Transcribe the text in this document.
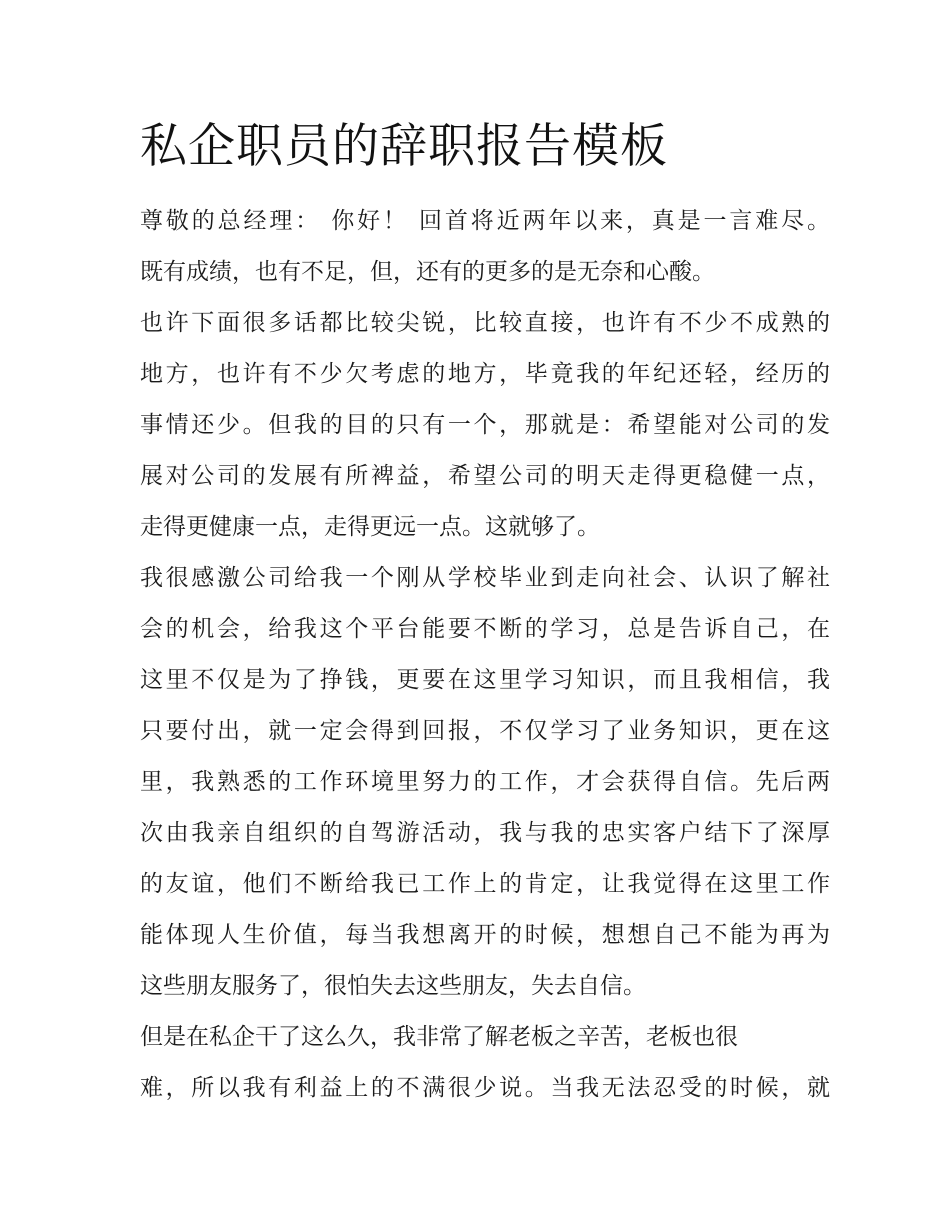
私企职员的辞职报告模板
尊敬的总经理： 你好！ 回首将近两年以来，真是一言难尽。
既有成绩，也有不足，但，还有的更多的是无奈和心酸。
也许下面很多话都比较尖锐，比较直接，也许有不少不成熟的
地方，也许有不少欠考虑的地方，毕竟我的年纪还轻，经历的
事情还少。但我的目的只有一个，那就是：希望能对公司的发
展对公司的发展有所裨益，希望公司的明天走得更稳健一点，
走得更健康一点，走得更远一点。这就够了。
我很感激公司给我一个刚从学校毕业到走向社会、认识了解社
会的机会，给我这个平台能要不断的学习，总是告诉自己，在
这里不仅是为了挣钱，更要在这里学习知识，而且我相信，我
只要付出，就一定会得到回报，不仅学习了业务知识，更在这
里，我熟悉的工作环境里努力的工作，才会获得自信。先后两
次由我亲自组织的自驾游活动，我与我的忠实客户结下了深厚
的友谊，他们不断给我已工作上的肯定，让我觉得在这里工作
能体现人生价值，每当我想离开的时候，想想自己不能为再为
这些朋友服务了，很怕失去这些朋友，失去自信。
但是在私企干了这么久，我非常了解老板之辛苦，老板也很
难，所以我有利益上的不满很少说。当我无法忍受的时候，就
